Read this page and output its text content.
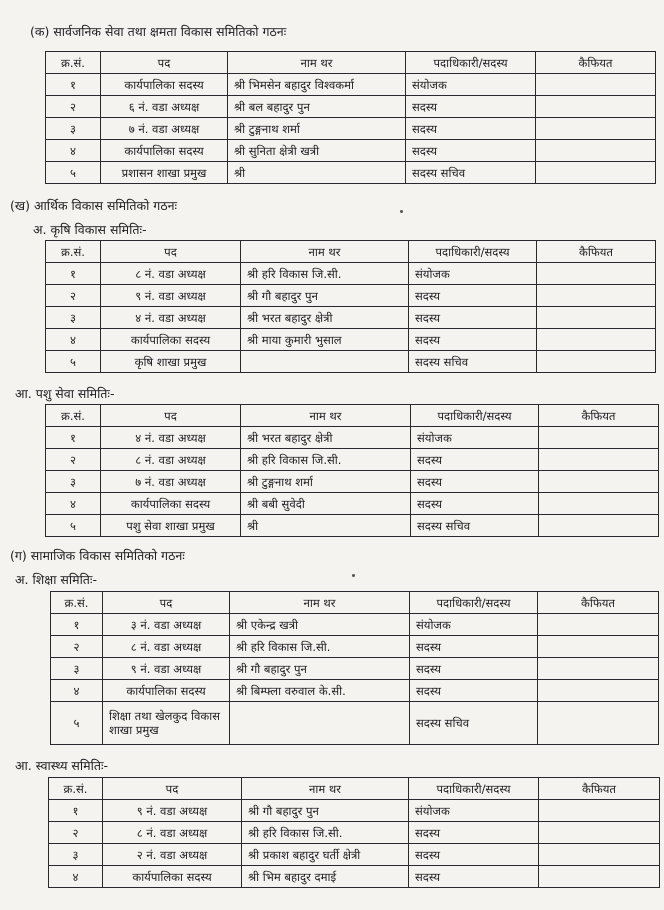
(क) सार्वजनिक सेवा तथा क्षमता विकास समितिको गठनः
क्र.सं.	पद	नाम थर	पदाधिकारी/सदस्य	कैफियत
१	कार्यपालिका सदस्य	श्री भिमसेन बहादुर विश्वकर्मा	संयोजक	
२	६ नं. वडा अध्यक्ष	श्री बल बहादुर पुन	सदस्य	
३	७ नं. वडा अध्यक्ष	श्री टुङ्गनाथ शर्मा	सदस्य	
४	कार्यपालिका सदस्य	श्री सुनिता क्षेत्री खत्री	सदस्य	
५	प्रशासन शाखा प्रमुख	श्री	सदस्य सचिव	
(ख) आर्थिक विकास समितिको गठनः
अ. कृषि विकास समितिः-
क्र.सं.	पद	नाम थर	पदाधिकारी/सदस्य	कैफियत
१	८ नं. वडा अध्यक्ष	श्री हरि विकास जि.सी.	संयोजक	
२	९ नं. वडा अध्यक्ष	श्री गौ बहादुर पुन	सदस्य	
३	४ नं. वडा अध्यक्ष	श्री भरत बहादुर क्षेत्री	सदस्य	
४	कार्यपालिका सदस्य	श्री माया कुमारी भुसाल	सदस्य	
५	कृषि शाखा प्रमुख		सदस्य सचिव	
आ. पशु सेवा समितिः-
क्र.सं.	पद	नाम थर	पदाधिकारी/सदस्य	कैफियत
१	४ नं. वडा अध्यक्ष	श्री भरत बहादुर क्षेत्री	संयोजक	
२	८ नं. वडा अध्यक्ष	श्री हरि विकास जि.सी.	सदस्य	
३	७ नं. वडा अध्यक्ष	श्री टुङ्गनाथ शर्मा	सदस्य	
४	कार्यपालिका सदस्य	श्री बबी सुवेदी	सदस्य	
५	पशु सेवा शाखा प्रमुख	श्री	सदस्य सचिव	
(ग) सामाजिक विकास समितिको गठनः
अ. शिक्षा समितिः-
क्र.सं.	पद	नाम थर	पदाधिकारी/सदस्य	कैफियत
१	३ नं. वडा अध्यक्ष	श्री एकेन्द्र खत्री	संयोजक	
२	८ नं. वडा अध्यक्ष	श्री हरि विकास जि.सी.	सदस्य	
३	९ नं. वडा अध्यक्ष	श्री गौ बहादुर पुन	सदस्य	
४	कार्यपालिका सदस्य	श्री बिम्फ्ला वरुवाल के.सी.	सदस्य	
५	शिक्षा तथा खेलकुद विकास शाखा प्रमुख		सदस्य सचिव	
आ. स्वास्थ्य समितिः-
क्र.सं.	पद	नाम थर	पदाधिकारी/सदस्य	कैफियत
१	९ नं. वडा अध्यक्ष	श्री गौ बहादुर पुन	संयोजक	
२	८ नं. वडा अध्यक्ष	श्री हरि विकास जि.सी.	सदस्य	
३	२ नं. वडा अध्यक्ष	श्री प्रकाश बहादुर घर्ती क्षेत्री	सदस्य	
४	कार्यपालिका सदस्य	श्री भिम बहादुर दमाई	सदस्य	
